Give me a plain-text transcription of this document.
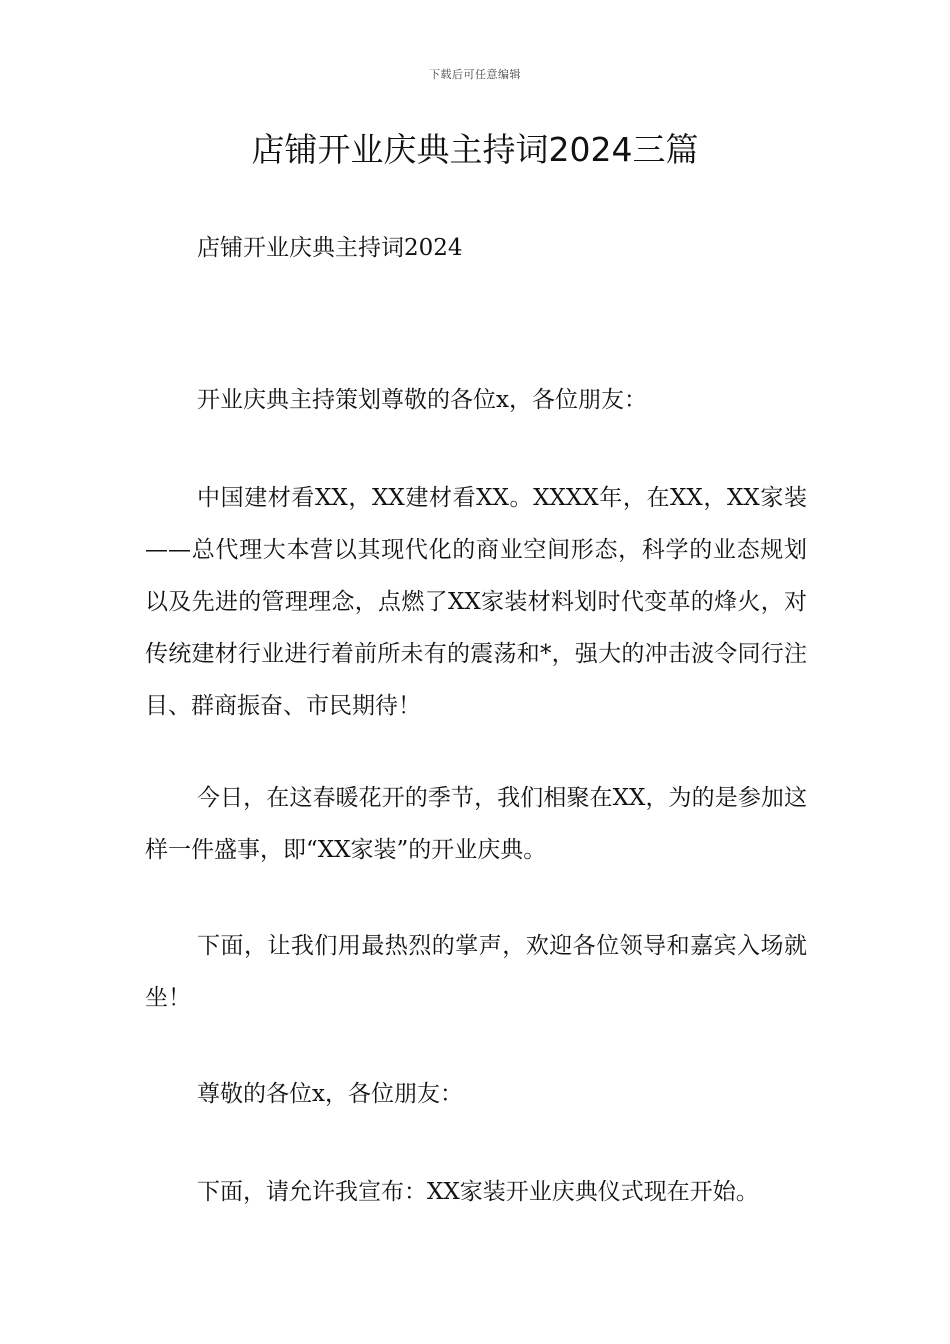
下载后可任意编辑
店铺开业庆典主持词2024三篇

店铺开业庆典主持词2024

开业庆典主持策划尊敬的各位x，各位朋友：

中国建材看XX，XX建材看XX。XXXX年，在XX，XX家装——总代理大本营以其现代化的商业空间形态，科学的业态规划以及先进的管理理念，点燃了XX家装材料划时代变革的烽火，对传统建材行业进行着前所未有的震荡和*，强大的冲击波令同行注目、群商振奋、市民期待！

今日，在这春暖花开的季节，我们相聚在XX，为的是参加这样一件盛事，即“XX家装”的开业庆典。

下面，让我们用最热烈的掌声，欢迎各位领导和嘉宾入场就坐！

尊敬的各位x，各位朋友：

下面，请允许我宣布：XX家装开业庆典仪式现在开始。
